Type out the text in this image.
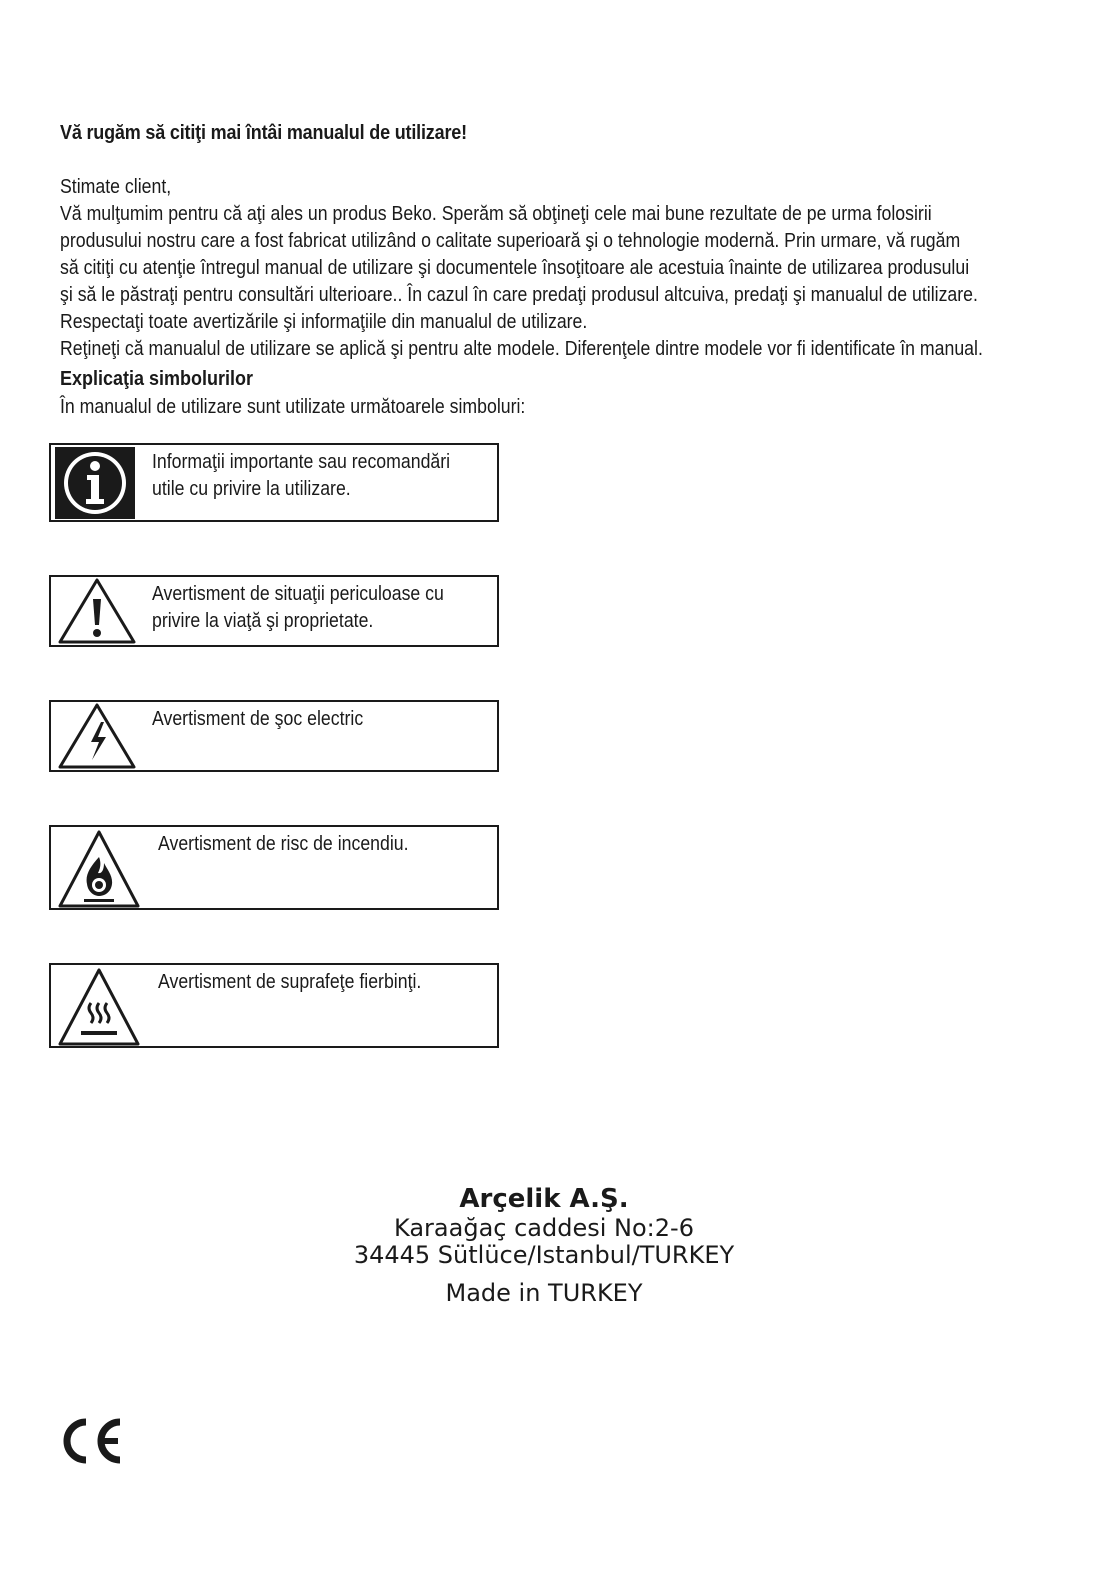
Vă rugăm să citiţi mai întâi manualul de utilizare!

Stimate client,

Vă mulţumim pentru că aţi ales un produs Beko. Sperăm să obţineţi cele mai bune rezultate de pe urma folosirii

produsului nostru care a fost fabricat utilizând o calitate superioară şi o tehnologie modernă. Prin urmare, vă rugăm

să citiţi cu atenţie întregul manual de utilizare şi documentele însoţitoare ale acestuia înainte de utilizarea produsului

şi să le păstraţi pentru consultări ulterioare.. În cazul în care predaţi produsul altcuiva, predaţi şi manualul de utilizare.

Respectaţi toate avertizările şi informaţiile din manualul de utilizare.

Reţineţi că manualul de utilizare se aplică şi pentru alte modele. Diferenţele dintre modele vor fi identificate în manual.

Explicaţia simbolurilor
În manualul de utilizare sunt utilizate următoarele simboluri:
Informaţii importante sau recomandări
utile cu privire la utilizare.
Avertisment de situaţii periculoase cu
privire la viaţă şi proprietate.
Avertisment de şoc electric
Avertisment de risc de incendiu.
Avertisment de suprafeţe fierbinţi.
Arçelik A.Ş.
Karaağaç caddesi No:2-6
34445 Sütlüce/Istanbul/TURKEY
Made in TURKEY
